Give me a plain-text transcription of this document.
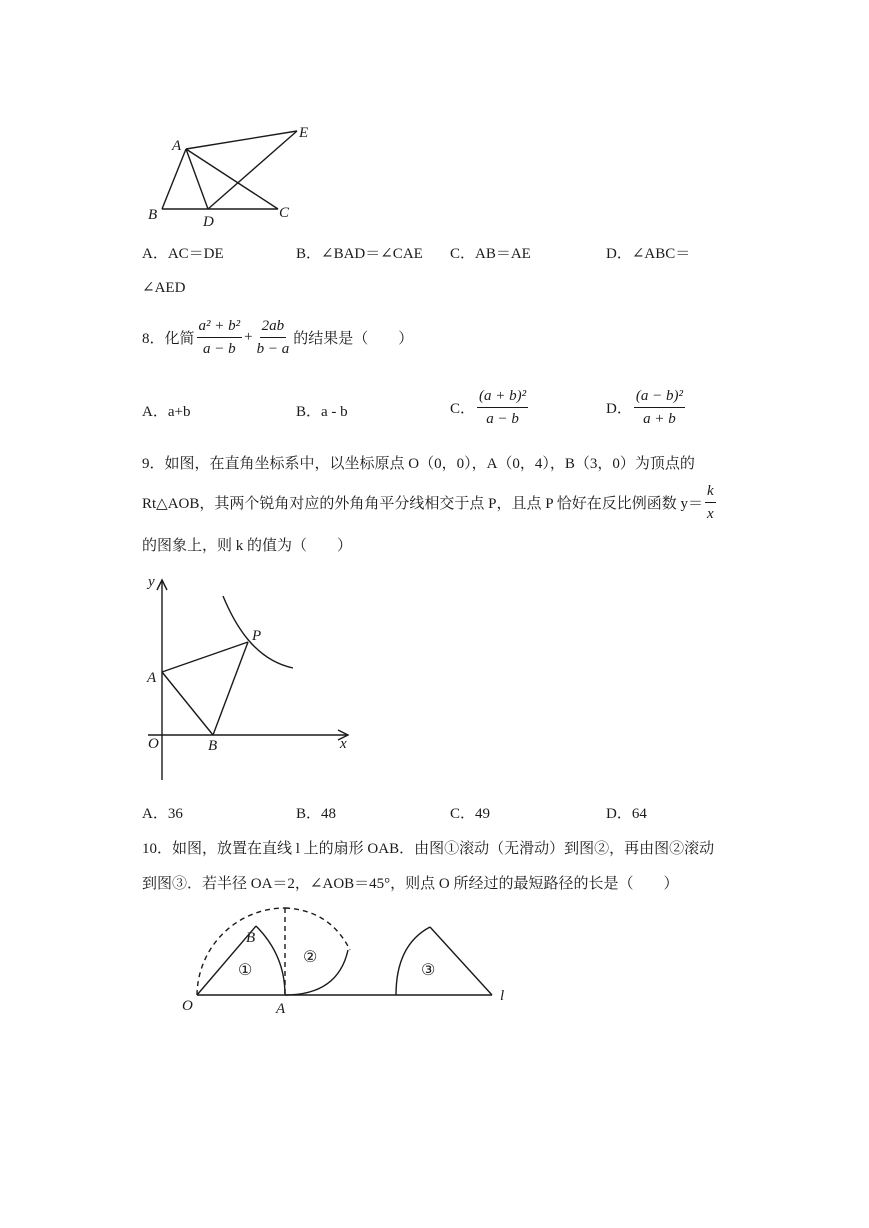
A
E
B	D
C
A．AC＝DE	B．∠BAD＝∠CAE C．AB＝AE	D．∠ABC＝
∠AED
8．化简 $\frac{\text{a² + b²}}{a - b} + \frac{2ab}{b - a}$ 的结果是（　　）
A．a+b	B．a - b	C． $\frac{\text{(a + b)²}}{a - b}$	D． $\frac{\text{(a − b)²}}{a + b}$
9．如图，在直角坐标系中，以坐标原点 O（0，0），A（0，4），B（3，0）为顶点的
Rt△AOB，其两个锐角对应的外角角平分线相交于点 P，且点 P 恰好在反比例函数 $y= \frac{k}{x}$
的图象上，则 k 的值为（　　）
y
P
A
O	B	x
A．36	B．48	C．49	D．64
10．如图，放置在直线 l 上的扇形 OAB．由图①滚动（无滑动）到图②，再由图②滚动
到图③．若半径 OA＝2，∠AOB＝45°，则点 O 所经过的最短路径的长是（　　）
B
O	A
l
①
②
③
